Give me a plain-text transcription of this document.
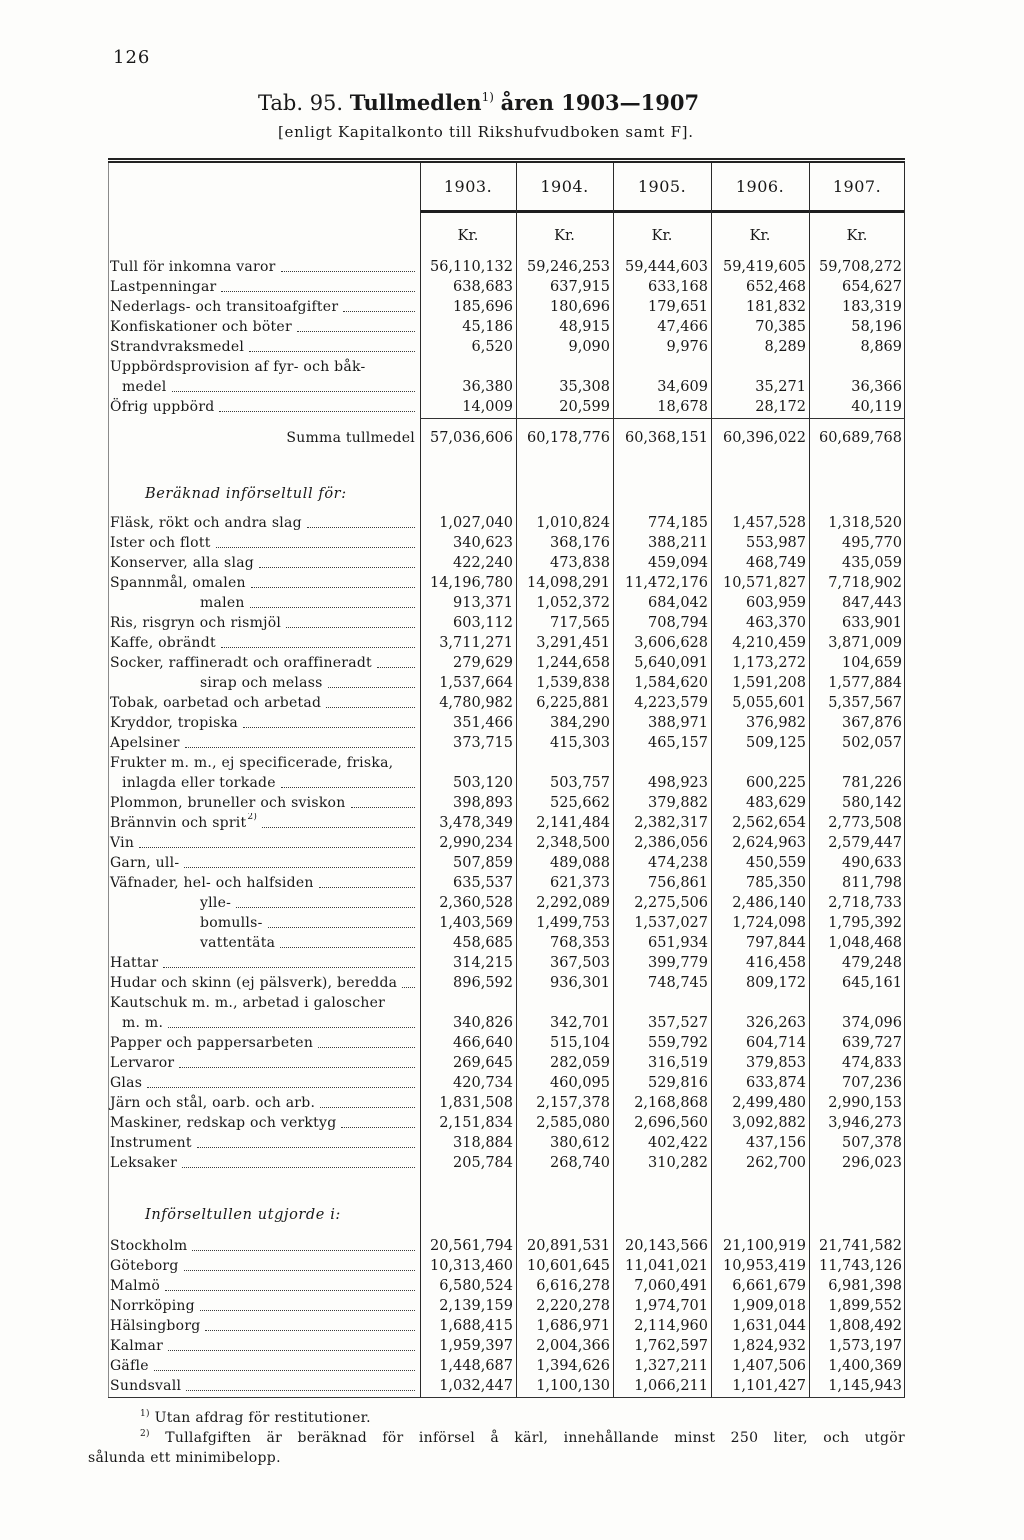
126
Tab. 95. Tullmedlen$^{1)}$ åren 1903—1907
[enligt Kapitalkonto till Rikshufvudboken samt F].
1903.	1904.	1905.	1906.	1907.
Kr.	Kr.	Kr.	Kr.	Kr.
Tull för inkomna varor	56,110,132 59,246,253	59,444,603	59,419,605 59,708,272
Lastpenningar	638,683	637,915	633,168	652,468	654,627
Nederlags- och transitoafgifter	185,696	180,696	179,651	181,832	183,319
Konfiskationer och böter	45,186	48,915	47,466	70,385	58,196
Strandvraksmedel	6,520	9,090	9,976	8,289	8,869
Uppbördsprovision af fyr- och båk-
medel	36,380	35,308	34,609	35,271	36,366
Öfrig uppbörd	14,009	20,599	18,678	28,172	40,119
Summa tullmedel	57,036,606 60,178,776	60,368,151	60,396,022 60,689,768
Beräknad införseltull för:
Fläsk, rökt och andra slag	1,027,040	1,010,824	774,185	1,457,528	1,318,520
Ister och flott	340,623	368,176	388,211	553,987	495,770
Konserver, alla slag	422,240	473,838	459,094	468,749	435,059
Spannmål, omalen	14,196,780 14,098,291	11,472,176	10,571,827	7,718,902
malen	913,371	1,052,372	684,042	603,959	847,443
Ris, risgryn och rismjöl	603,112	717,565	708,794	463,370	633,901
Kaffe, obrändt	3,711,271	3,291,451	3,606,628	4,210,459	3,871,009
Socker, raffineradt och oraffineradt	279,629	1,244,658	5,640,091	1,173,272	104,659
sirap och melass	1,537,664	1,539,838	1,584,620	1,591,208	1,577,884
Tobak, oarbetad och arbetad	4,780,982	6,225,881	4,223,579	5,055,601	5,357,567
Kryddor, tropiska	351,466	384,290	388,971	376,982	367,876
Apelsiner	373,715	415,303	465,157	509,125	502,057
Frukter m. m., ej specificerade, friska,
inlagda eller torkade	503,120	503,757	498,923	600,225	781,226
Plommon, bruneller och sviskon	398,893	525,662	379,882	483,629	580,142
Brännvin och sprit 2)	3,478,349	2,141,484	2,382,317	2,562,654	2,773,508
Vin	2,990,234	2,348,500	2,386,056	2,624,963	2,579,447
Garn, ull-	507,859	489,088	474,238	450,559	490,633
Väfnader, hel- och halfsiden	635,537	621,373	756,861	785,350	811,798
ylle-	2,360,528	2,292,089	2,275,506	2,486,140	2,718,733
bomulls-	1,403,569	1,499,753	1,537,027	1,724,098	1,795,392
vattentäta	458,685	768,353	651,934	797,844	1,048,468
Hattar	314,215	367,503	399,779	416,458	479,248
Hudar och skinn (ej pälsverk), beredda	896,592	936,301	748,745	809,172	645,161
Kautschuk m. m., arbetad i galoscher
m. m.	340,826	342,701	357,527	326,263	374,096
Papper och pappersarbeten	466,640	515,104	559,792	604,714	639,727
Lervaror	269,645	282,059	316,519	379,853	474,833
Glas	420,734	460,095	529,816	633,874	707,236
Järn och stål, oarb. och arb.	1,831,508	2,157,378	2,168,868	2,499,480	2,990,153
Maskiner, redskap och verktyg	2,151,834	2,585,080	2,696,560	3,092,882	3,946,273
Instrument	318,884	380,612	402,422	437,156	507,378
Leksaker	205,784	268,740	310,282	262,700	296,023
Införseltullen utgjorde i:
Stockholm	20,561,794 20,891,531	20,143,566	21,100,919 21,741,582
Göteborg	10,313,460 10,601,645	11,041,021	10,953,419 11,743,126
Malmö	6,580,524	6,616,278	7,060,491	6,661,679	6,981,398
Norrköping	2,139,159	2,220,278	1,974,701	1,909,018	1,899,552
Hälsingborg	1,688,415	1,686,971	2,114,960	1,631,044	1,808,492
Kalmar	1,959,397	2,004,366	1,762,597	1,824,932	1,573,197
Gäfle	1,448,687	1,394,626	1,327,211	1,407,506	1,400,369
Sundsvall	1,032,447	1,100,130	1,066,211	1,101,427	1,145,943
$^{1)}$ Utan afdrag för restitutioner.
$^{2)}$ Tullafgiften är beräknad för införsel å kärl, innehållande minst 250 liter, och utgör
sålunda ett minimibelopp.
